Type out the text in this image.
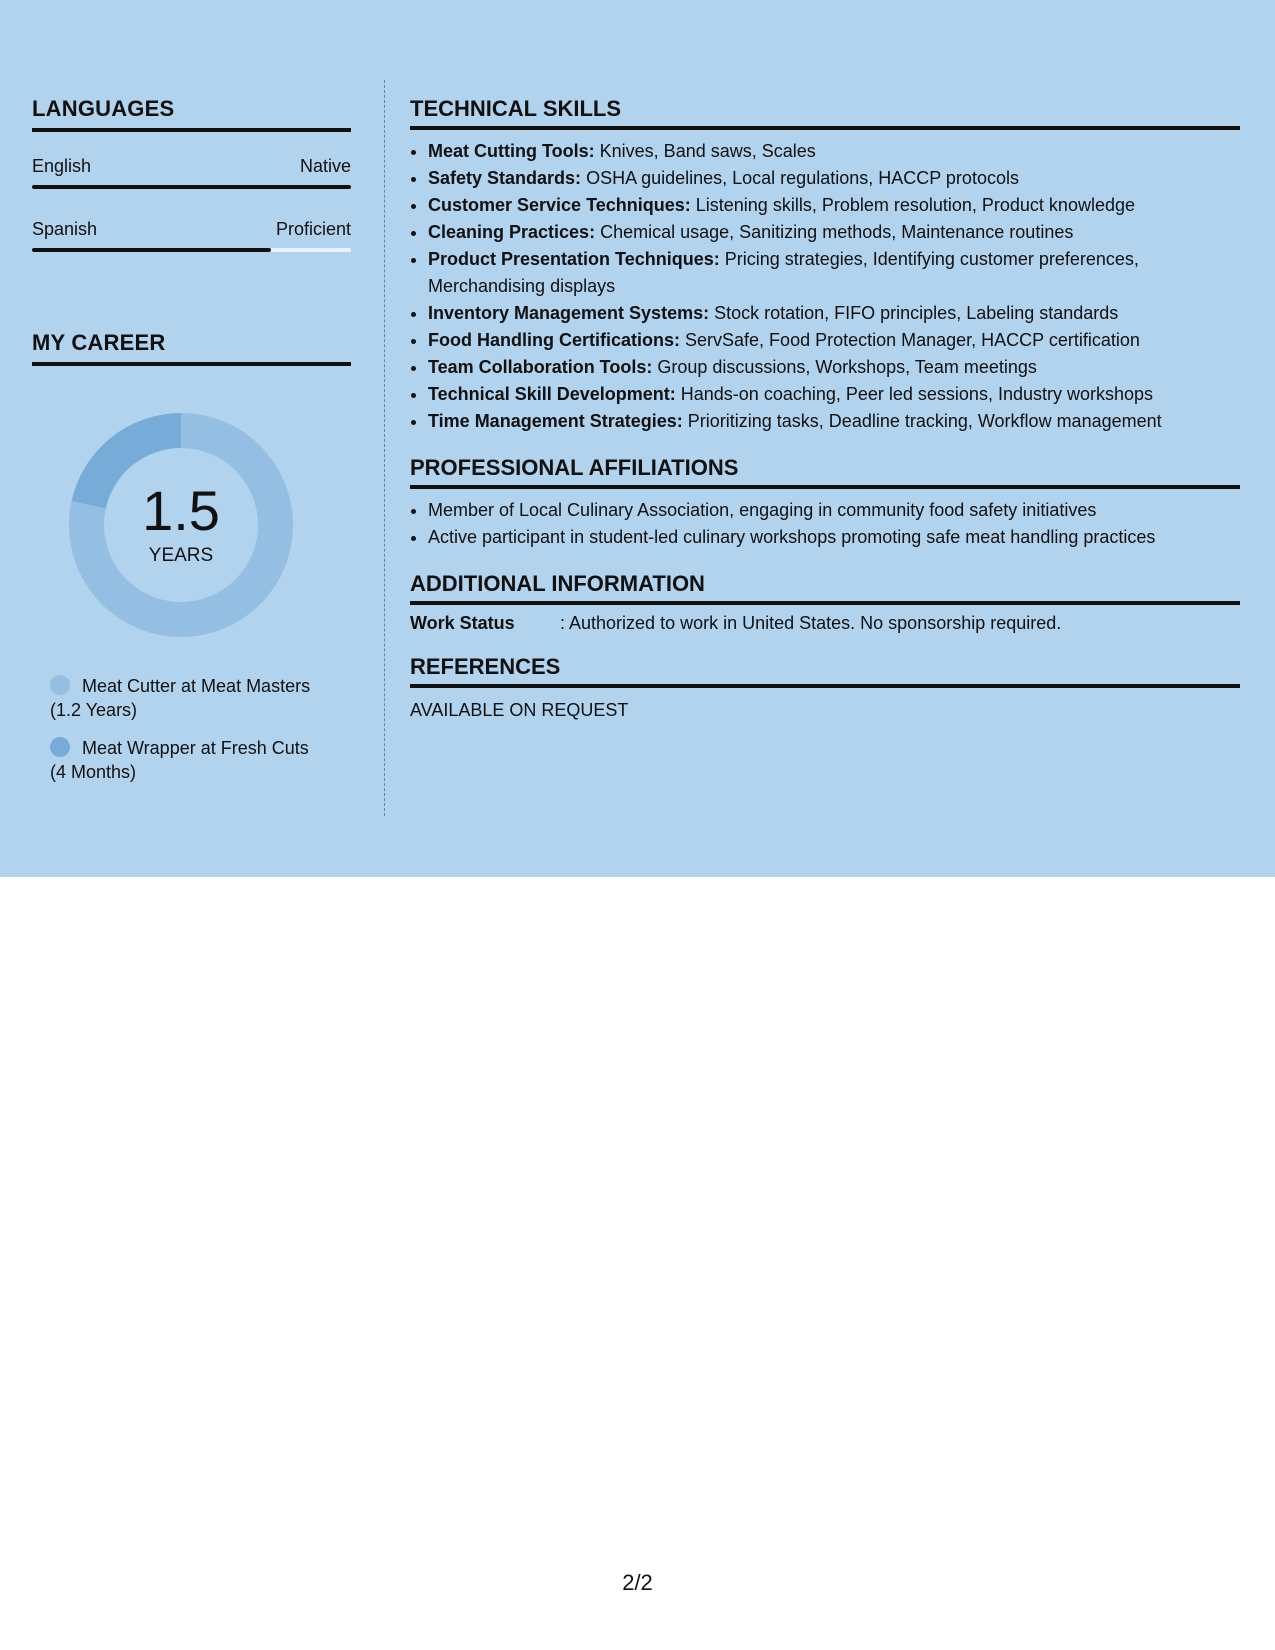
LANGUAGES
English	Native
Spanish	Proficient
MY CAREER
1.5
YEARS
Meat Cutter at Meat Masters
(1.2 Years)
Meat Wrapper at Fresh Cuts
(4 Months)
TECHNICAL SKILLS
• Meat Cutting Tools: Knives, Band saws, Scales
• Safety Standards: OSHA guidelines, Local regulations, HACCP protocols
• Customer Service Techniques: Listening skills, Problem resolution, Product knowledge
• Cleaning Practices: Chemical usage, Sanitizing methods, Maintenance routines
• Product Presentation Techniques: Pricing strategies, Identifying customer preferences, Merchandising displays
• Inventory Management Systems: Stock rotation, FIFO principles, Labeling standards
• Food Handling Certifications: ServSafe, Food Protection Manager, HACCP certification
• Team Collaboration Tools: Group discussions, Workshops, Team meetings
• Technical Skill Development: Hands-on coaching, Peer led sessions, Industry workshops
• Time Management Strategies: Prioritizing tasks, Deadline tracking, Workflow management
PROFESSIONAL AFFILIATIONS
• Member of Local Culinary Association, engaging in community food safety initiatives
• Active participant in student-led culinary workshops promoting safe meat handling practices
ADDITIONAL INFORMATION
Work Status	: Authorized to work in United States. No sponsorship required.
REFERENCES
AVAILABLE ON REQUEST
2/2
